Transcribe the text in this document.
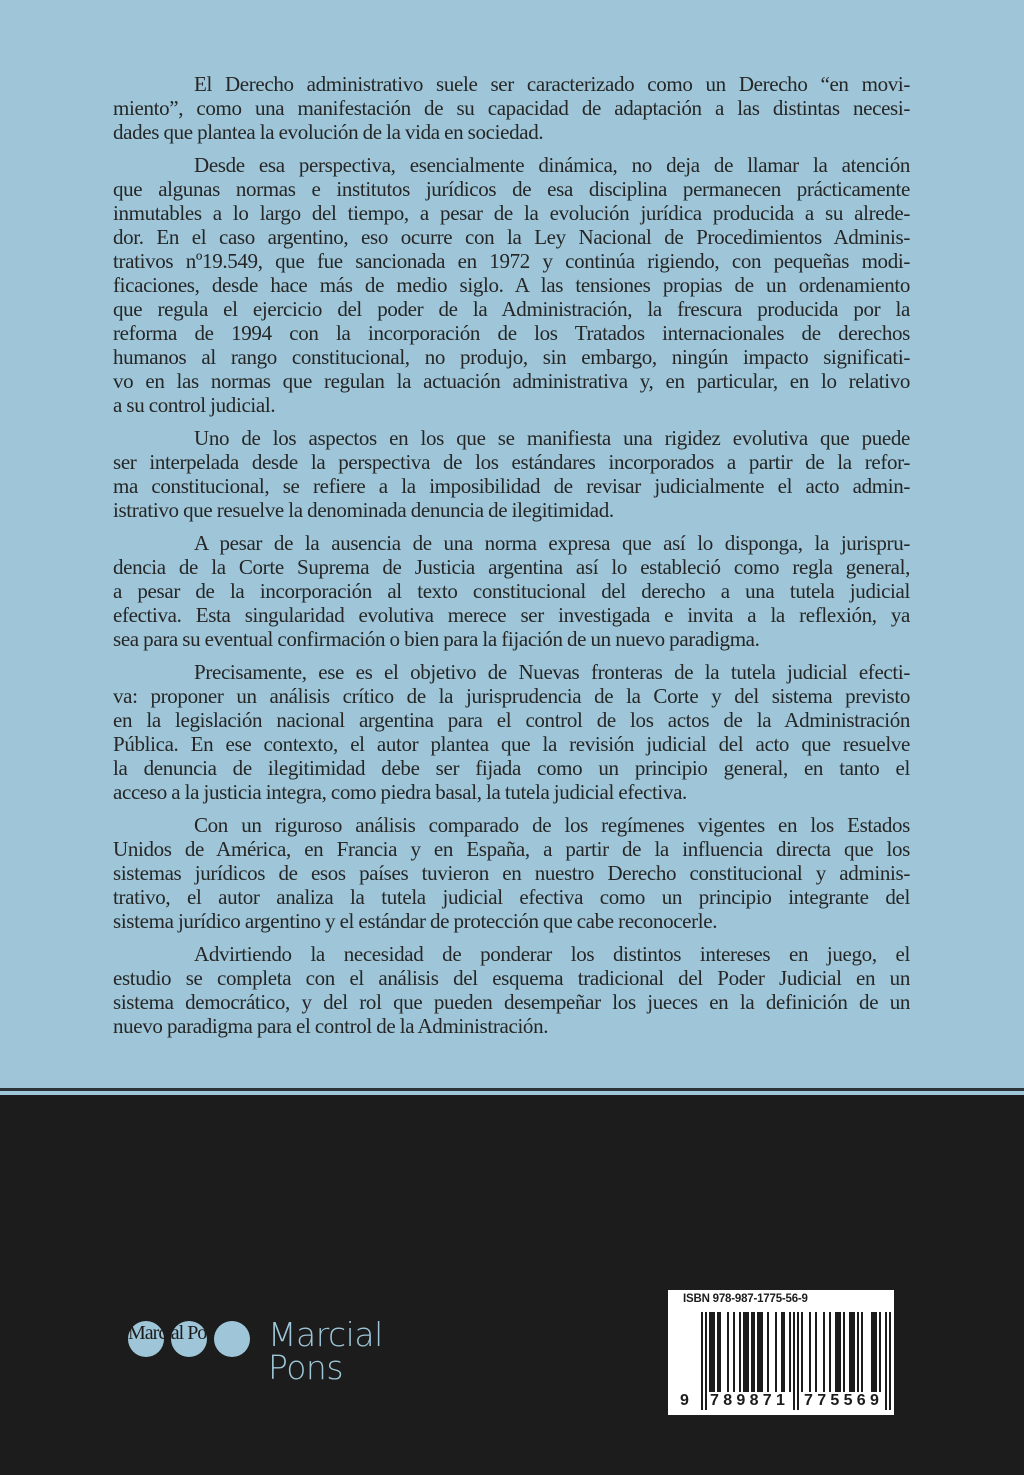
El Derecho administrativo suele ser caracterizado como un Derecho “en movi-
miento”, como una manifestación de su capacidad de adaptación a las distintas necesi-
dades que plantea la evolución de la vida en sociedad.
Desde esa perspectiva, esencialmente dinámica, no deja de llamar la atención
que algunas normas e institutos jurídicos de esa disciplina permanecen prácticamente
inmutables a lo largo del tiempo, a pesar de la evolución jurídica producida a su alrede-
dor. En el caso argentino, eso ocurre con la Ley Nacional de Procedimientos Adminis-
trativos nº19.549, que fue sancionada en 1972 y continúa rigiendo, con pequeñas modi-
ficaciones, desde hace más de medio siglo. A las tensiones propias de un ordenamiento
que regula el ejercicio del poder de la Administración, la frescura producida por la
reforma de 1994 con la incorporación de los Tratados internacionales de derechos
humanos al rango constitucional, no produjo, sin embargo, ningún impacto significati-
vo en las normas que regulan la actuación administrativa y, en particular, en lo relativo
a su control judicial.
Uno de los aspectos en los que se manifiesta una rigidez evolutiva que puede
ser interpelada desde la perspectiva de los estándares incorporados a partir de la refor-
ma constitucional, se refiere a la imposibilidad de revisar judicialmente el acto admin-
istrativo que resuelve la denominada denuncia de ilegitimidad.
A pesar de la ausencia de una norma expresa que así lo disponga, la jurispru-
dencia de la Corte Suprema de Justicia argentina así lo estableció como regla general,
a pesar de la incorporación al texto constitucional del derecho a una tutela judicial
efectiva. Esta singularidad evolutiva merece ser investigada e invita a la reflexión, ya
sea para su eventual confirmación o bien para la fijación de un nuevo paradigma.
Precisamente, ese es el objetivo de Nuevas fronteras de la tutela judicial efecti-
va: proponer un análisis crítico de la jurisprudencia de la Corte y del sistema previsto
en la legislación nacional argentina para el control de los actos de la Administración
Pública. En ese contexto, el autor plantea que la revisión judicial del acto que resuelve
la denuncia de ilegitimidad debe ser fijada como un principio general, en tanto el
acceso a la justicia integra, como piedra basal, la tutela judicial efectiva.
Con un riguroso análisis comparado de los regímenes vigentes en los Estados
Unidos de América, en Francia y en España, a partir de la influencia directa que los
sistemas jurídicos de esos países tuvieron en nuestro Derecho constitucional y adminis-
trativo, el autor analiza la tutela judicial efectiva como un principio integrante del
sistema jurídico argentino y el estándar de protección que cabe reconocerle.
Advirtiendo la necesidad de ponderar los distintos intereses en juego, el
estudio se completa con el análisis del esquema tradicional del Poder Judicial en un
sistema democrático, y del rol que pueden desempeñar los jueces en la definición de un
nuevo paradigma para el control de la Administración.
Marcial Po	Marcial
Pons
ISBN 978-987-1775-56-9
9 789871 775569
